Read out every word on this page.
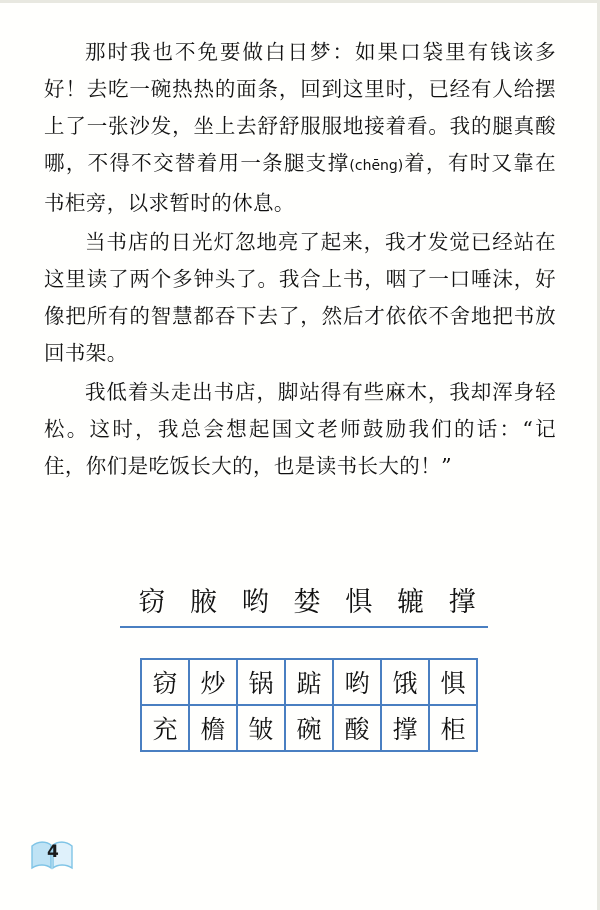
那时我也不免要做白日梦：如果口袋里有钱该多好！去吃一碗热热的面条，回到这里时，已经有人给摆上了一张沙发，坐上去舒舒服服地接着看。我的腿真酸哪，不得不交替着用一条腿支撑(chēng)着，有时又靠在书柜旁，以求暂时的休息。

当书店的日光灯忽地亮了起来，我才发觉已经站在这里读了两个多钟头了。我合上书，咽了一口唾沫，好像把所有的智慧都吞下去了，然后才依依不舍地把书放回书架。

我低着头走出书店，脚站得有些麻木，我却浑身轻松。这时，我总会想起国文老师鼓励我们的话：“记住，你们是吃饭长大的，也是读书长大的！”

窃 腋 哟 婪 惧 辘 撑
窃 炒 锅 踮 哟 饿 惧
充 檐 皱 碗 酸 撑 柜
4
